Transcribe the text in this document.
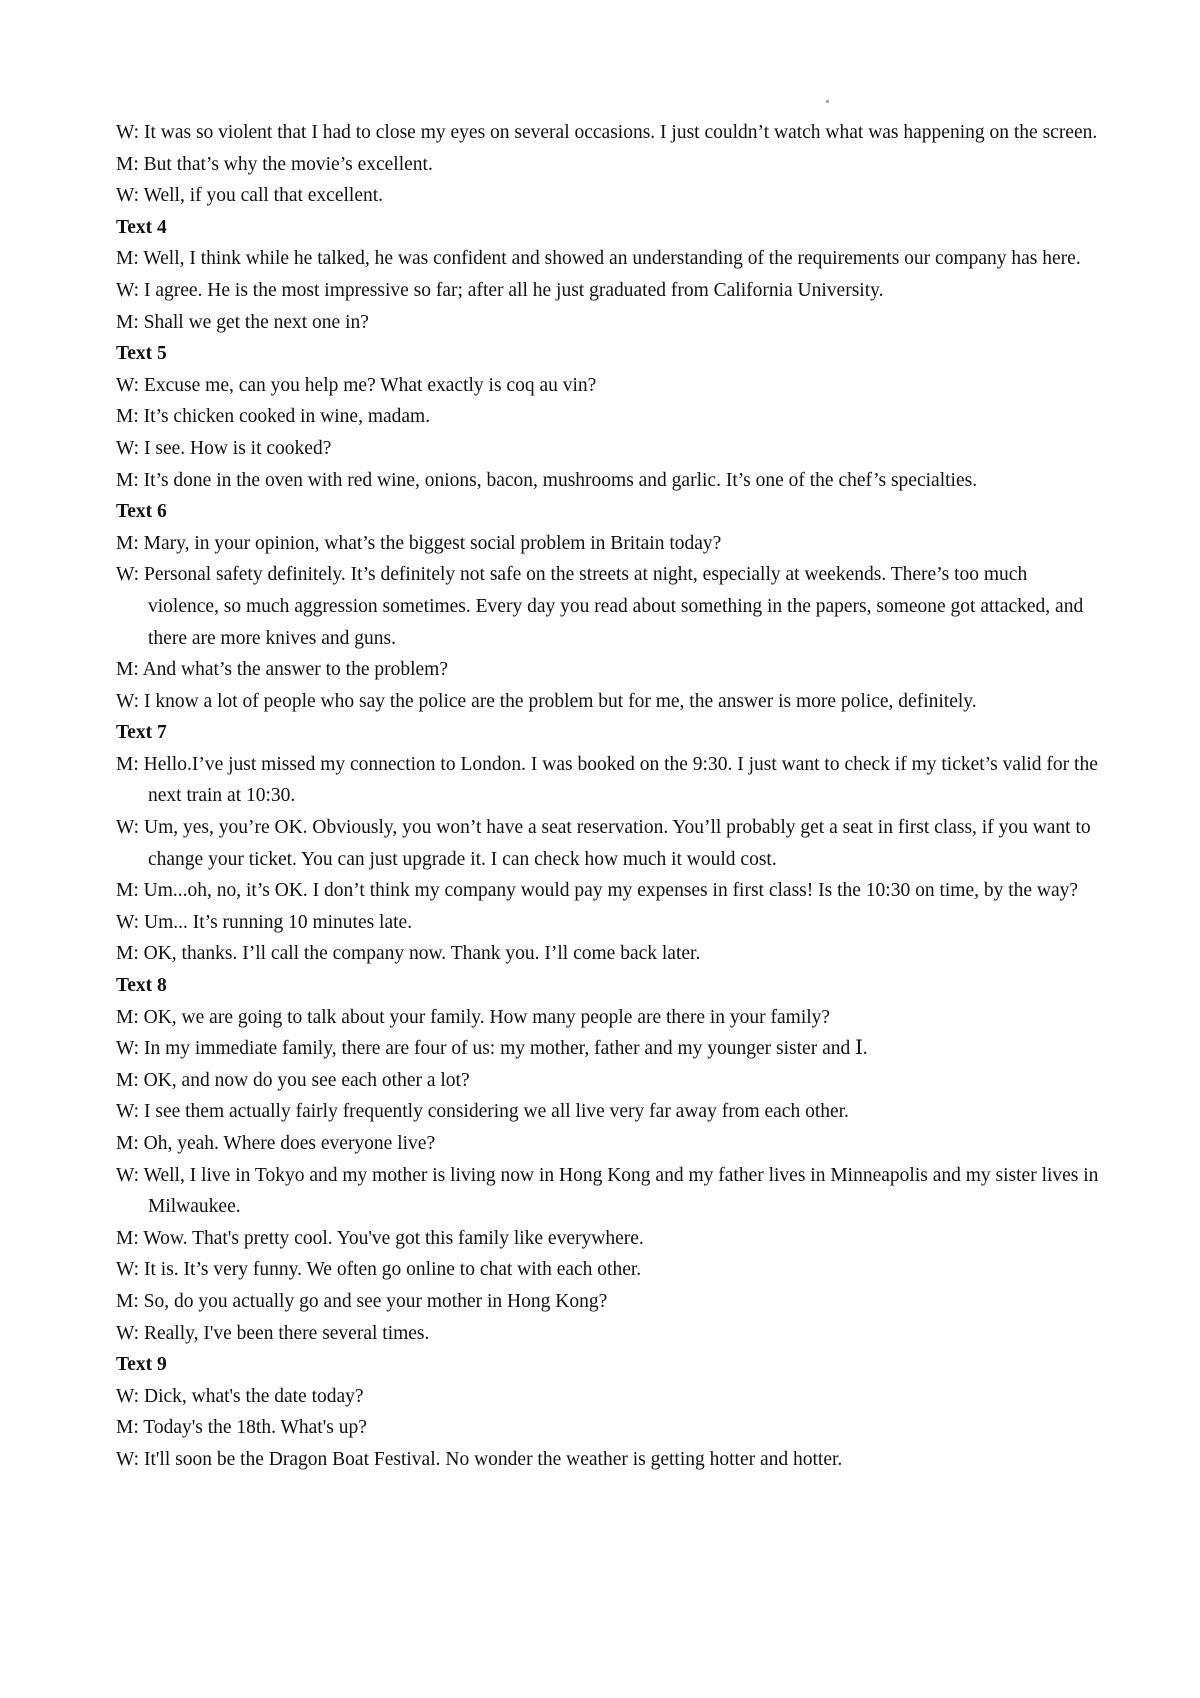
W: It was so violent that I had to close my eyes on several occasions. I just couldn’t watch what was happening on the screen.
M: But that’s why the movie’s excellent.
W: Well, if you call that excellent.
Text 4
M: Well, I think while he talked, he was confident and showed an understanding of the requirements our company has here.
W: I agree. He is the most impressive so far; after all he just graduated from California University.
M: Shall we get the next one in?
Text 5
W: Excuse me, can you help me? What exactly is coq au vin?
M: It’s chicken cooked in wine, madam.
W: I see. How is it cooked?
M: It’s done in the oven with red wine, onions, bacon, mushrooms and garlic. It’s one of the chef’s specialties.
Text 6
M: Mary, in your opinion, what’s the biggest social problem in Britain today?
W: Personal safety definitely. It’s definitely not safe on the streets at night, especially at weekends. There’s too much violence, so much aggression sometimes. Every day you read about something in the papers, someone got attacked, and there are more knives and guns.
M: And what’s the answer to the problem?
W: I know a lot of people who say the police are the problem but for me, the answer is more police, definitely.
Text 7
M: Hello.I’ve just missed my connection to London. I was booked on the 9:30. I just want to check if my ticket’s valid for the next train at 10:30.
W: Um, yes, you’re OK. Obviously, you won’t have a seat reservation. You’ll probably get a seat in first class, if you want to change your ticket. You can just upgrade it. I can check how much it would cost.
M: Um...oh, no, it’s OK. I don’t think my company would pay my expenses in first class! Is the 10:30 on time, by the way?
W: Um... It’s running 10 minutes late.
M: OK, thanks. I’ll call the company now. Thank you. I’ll come back later.
Text 8
M: OK, we are going to talk about your family. How many people are there in your family?
W: In my immediate family, there are four of us: my mother, father and my younger sister and Ⅰ.
M: OK, and now do you see each other a lot?
W: I see them actually fairly frequently considering we all live very far away from each other.
M: Oh, yeah. Where does everyone live?
W: Well, I live in Tokyo and my mother is living now in Hong Kong and my father lives in Minneapolis and my sister lives in Milwaukee.
M: Wow. That's pretty cool. You've got this family like everywhere.
W: It is. It’s very funny. We often go online to chat with each other.
M: So, do you actually go and see your mother in Hong Kong?
W: Really, I've been there several times.
Text 9
W: Dick, what's the date today?
M: Today's the 18th. What's up?
W: It'll soon be the Dragon Boat Festival. No wonder the weather is getting hotter and hotter.
